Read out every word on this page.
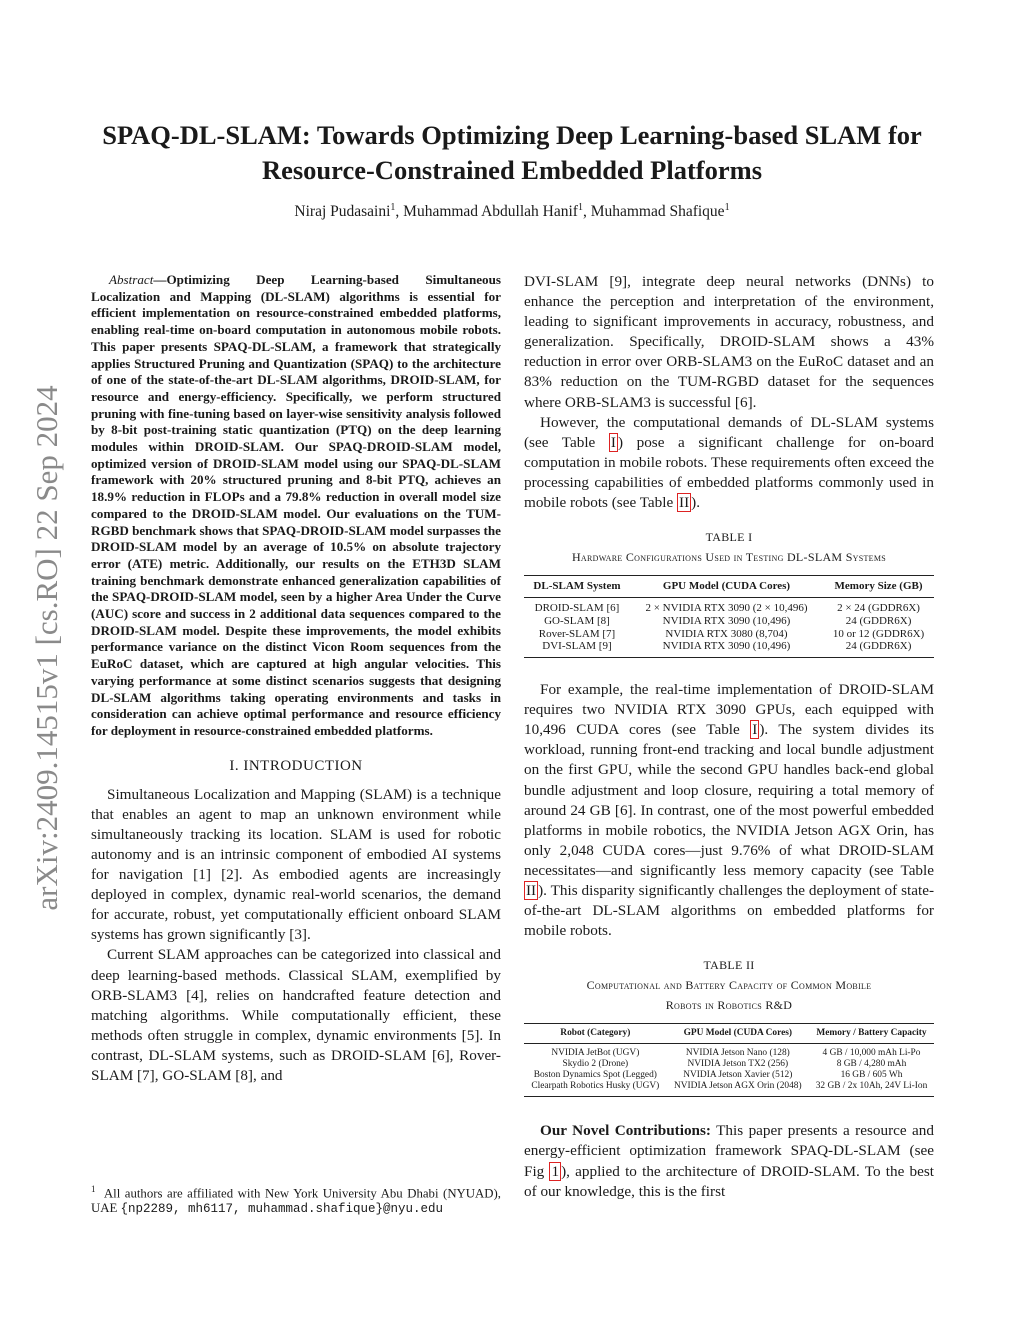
arXiv:2409.14515v1 [cs.RO] 22 Sep 2024
SPAQ-DL-SLAM: Towards Optimizing Deep Learning-based SLAM for
Resource-Constrained Embedded Platforms

Niraj Pudasaini$^1$, Muhammad Abdullah Hanif$^1$, Muhammad Shafique$^1$

Abstract—Optimizing Deep Learning-based Simultaneous Localization and Mapping (DL-SLAM) algorithms is essential for efficient implementation on resource-constrained embedded platforms, enabling real-time on-board computation in autonomous mobile robots. This paper presents SPAQ-DL-SLAM, a framework that strategically applies Structured Pruning and Quantization (SPAQ) to the architecture of one of the state-of-the-art DL-SLAM algorithms, DROID-SLAM, for resource and energy-efficiency. Specifically, we perform structured pruning with fine-tuning based on layer-wise sensitivity analysis followed by 8-bit post-training static quantization (PTQ) on the deep learning modules within DROID-SLAM. Our SPAQ-DROID-SLAM model, optimized version of DROID-SLAM model using our SPAQ-DL-SLAM framework with 20% structured pruning and 8-bit PTQ, achieves an 18.9% reduction in FLOPs and a 79.8% reduction in overall model size compared to the DROID-SLAM model. Our evaluations on the TUM-RGBD benchmark shows that SPAQ-DROID-SLAM model surpasses the DROID-SLAM model by an average of 10.5% on absolute trajectory error (ATE) metric. Additionally, our results on the ETH3D SLAM training benchmark demonstrate enhanced generalization capabilities of the SPAQ-DROID-SLAM model, seen by a higher Area Under the Curve (AUC) score and success in 2 additional data sequences compared to the DROID-SLAM model. Despite these improvements, the model exhibits performance variance on the distinct Vicon Room sequences from the EuRoC dataset, which are captured at high angular velocities. This varying performance at some distinct scenarios suggests that designing DL-SLAM algorithms taking operating environments and tasks in consideration can achieve optimal performance and resource efficiency for deployment in resource-constrained embedded platforms.

I. INTRODUCTION

Simultaneous Localization and Mapping (SLAM) is a technique that enables an agent to map an unknown environment while simultaneously tracking its location. SLAM is used for robotic autonomy and is an intrinsic component of embodied AI systems for navigation [1] [2]. As embodied agents are increasingly deployed in complex, dynamic real-world scenarios, the demand for accurate, robust, yet computationally efficient onboard SLAM systems has grown significantly [3].

Current SLAM approaches can be categorized into classical and deep learning-based methods. Classical SLAM, exemplified by ORB-SLAM3 [4], relies on handcrafted feature detection and matching algorithms. While computationally efficient, these methods often struggle in complex, dynamic environments [5]. In contrast, DL-SLAM systems, such as DROID-SLAM [6], Rover-SLAM [7], GO-SLAM [8], and

$^1$ All authors are affiliated with New York University Abu Dhabi (NYUAD), UAE {np2289, mh6117, muhammad.shafique}@nyu.edu

DVI-SLAM [9], integrate deep neural networks (DNNs) to enhance the perception and interpretation of the environment, leading to significant improvements in accuracy, robustness, and generalization. Specifically, DROID-SLAM shows a 43% reduction in error over ORB-SLAM3 on the EuRoC dataset and an 83% reduction on the TUM-RGBD dataset for the sequences where ORB-SLAM3 is successful [6].

However, the computational demands of DL-SLAM systems (see Table I ) pose a significant challenge for on-board computation in mobile robots. These requirements often exceed the processing capabilities of embedded platforms commonly used in mobile robots (see Table II ).

TABLE I
Hardware Configurations Used in Testing DL-SLAM Systems
DL-SLAM System	GPU Model (CUDA Cores)	Memory Size (GB)
DROID-SLAM [6]	2 × NVIDIA RTX 3090 (2 × 10,496)	2 × 24 (GDDR6X)
GO-SLAM [8]	NVIDIA RTX 3090 (10,496)	24 (GDDR6X)
Rover-SLAM [7]	NVIDIA RTX 3080 (8,704)	10 or 12 (GDDR6X)
DVI-SLAM [9]	NVIDIA RTX 3090 (10,496)	24 (GDDR6X)

For example, the real-time implementation of DROID-SLAM requires two NVIDIA RTX 3090 GPUs, each equipped with 10,496 CUDA cores (see Table I ). The system divides its workload, running front-end tracking and local bundle adjustment on the first GPU, while the second GPU handles back-end global bundle adjustment and loop closure, requiring a total memory of around 24 GB [6]. In contrast, one of the most powerful embedded platforms in mobile robotics, the NVIDIA Jetson AGX Orin, has only 2,048 CUDA cores—just 9.76% of what DROID-SLAM necessitates—and significantly less memory capacity (see Table II ). This disparity significantly challenges the deployment of state-of-the-art DL-SLAM algorithms on embedded platforms for mobile robots.

TABLE II
Computational and Battery Capacity of Common Mobile
Robots in Robotics R&D
Robot (Category)	GPU Model (CUDA Cores)	Memory / Battery Capacity
NVIDIA JetBot (UGV)	NVIDIA Jetson Nano (128)	4 GB / 10,000 mAh Li-Po
Skydio 2 (Drone)	NVIDIA Jetson TX2 (256)	8 GB / 4,280 mAh
Boston Dynamics Spot (Legged)	NVIDIA Jetson Xavier (512)	16 GB / 605 Wh
Clearpath Robotics Husky (UGV)	NVIDIA Jetson AGX Orin (2048)	32 GB / 2x 10Ah, 24V Li-Ion

Our Novel Contributions: This paper presents a resource and energy-efficient optimization framework SPAQ-DL-SLAM (see Fig 1 ), applied to the architecture of DROID-SLAM. To the best of our knowledge, this is the first
